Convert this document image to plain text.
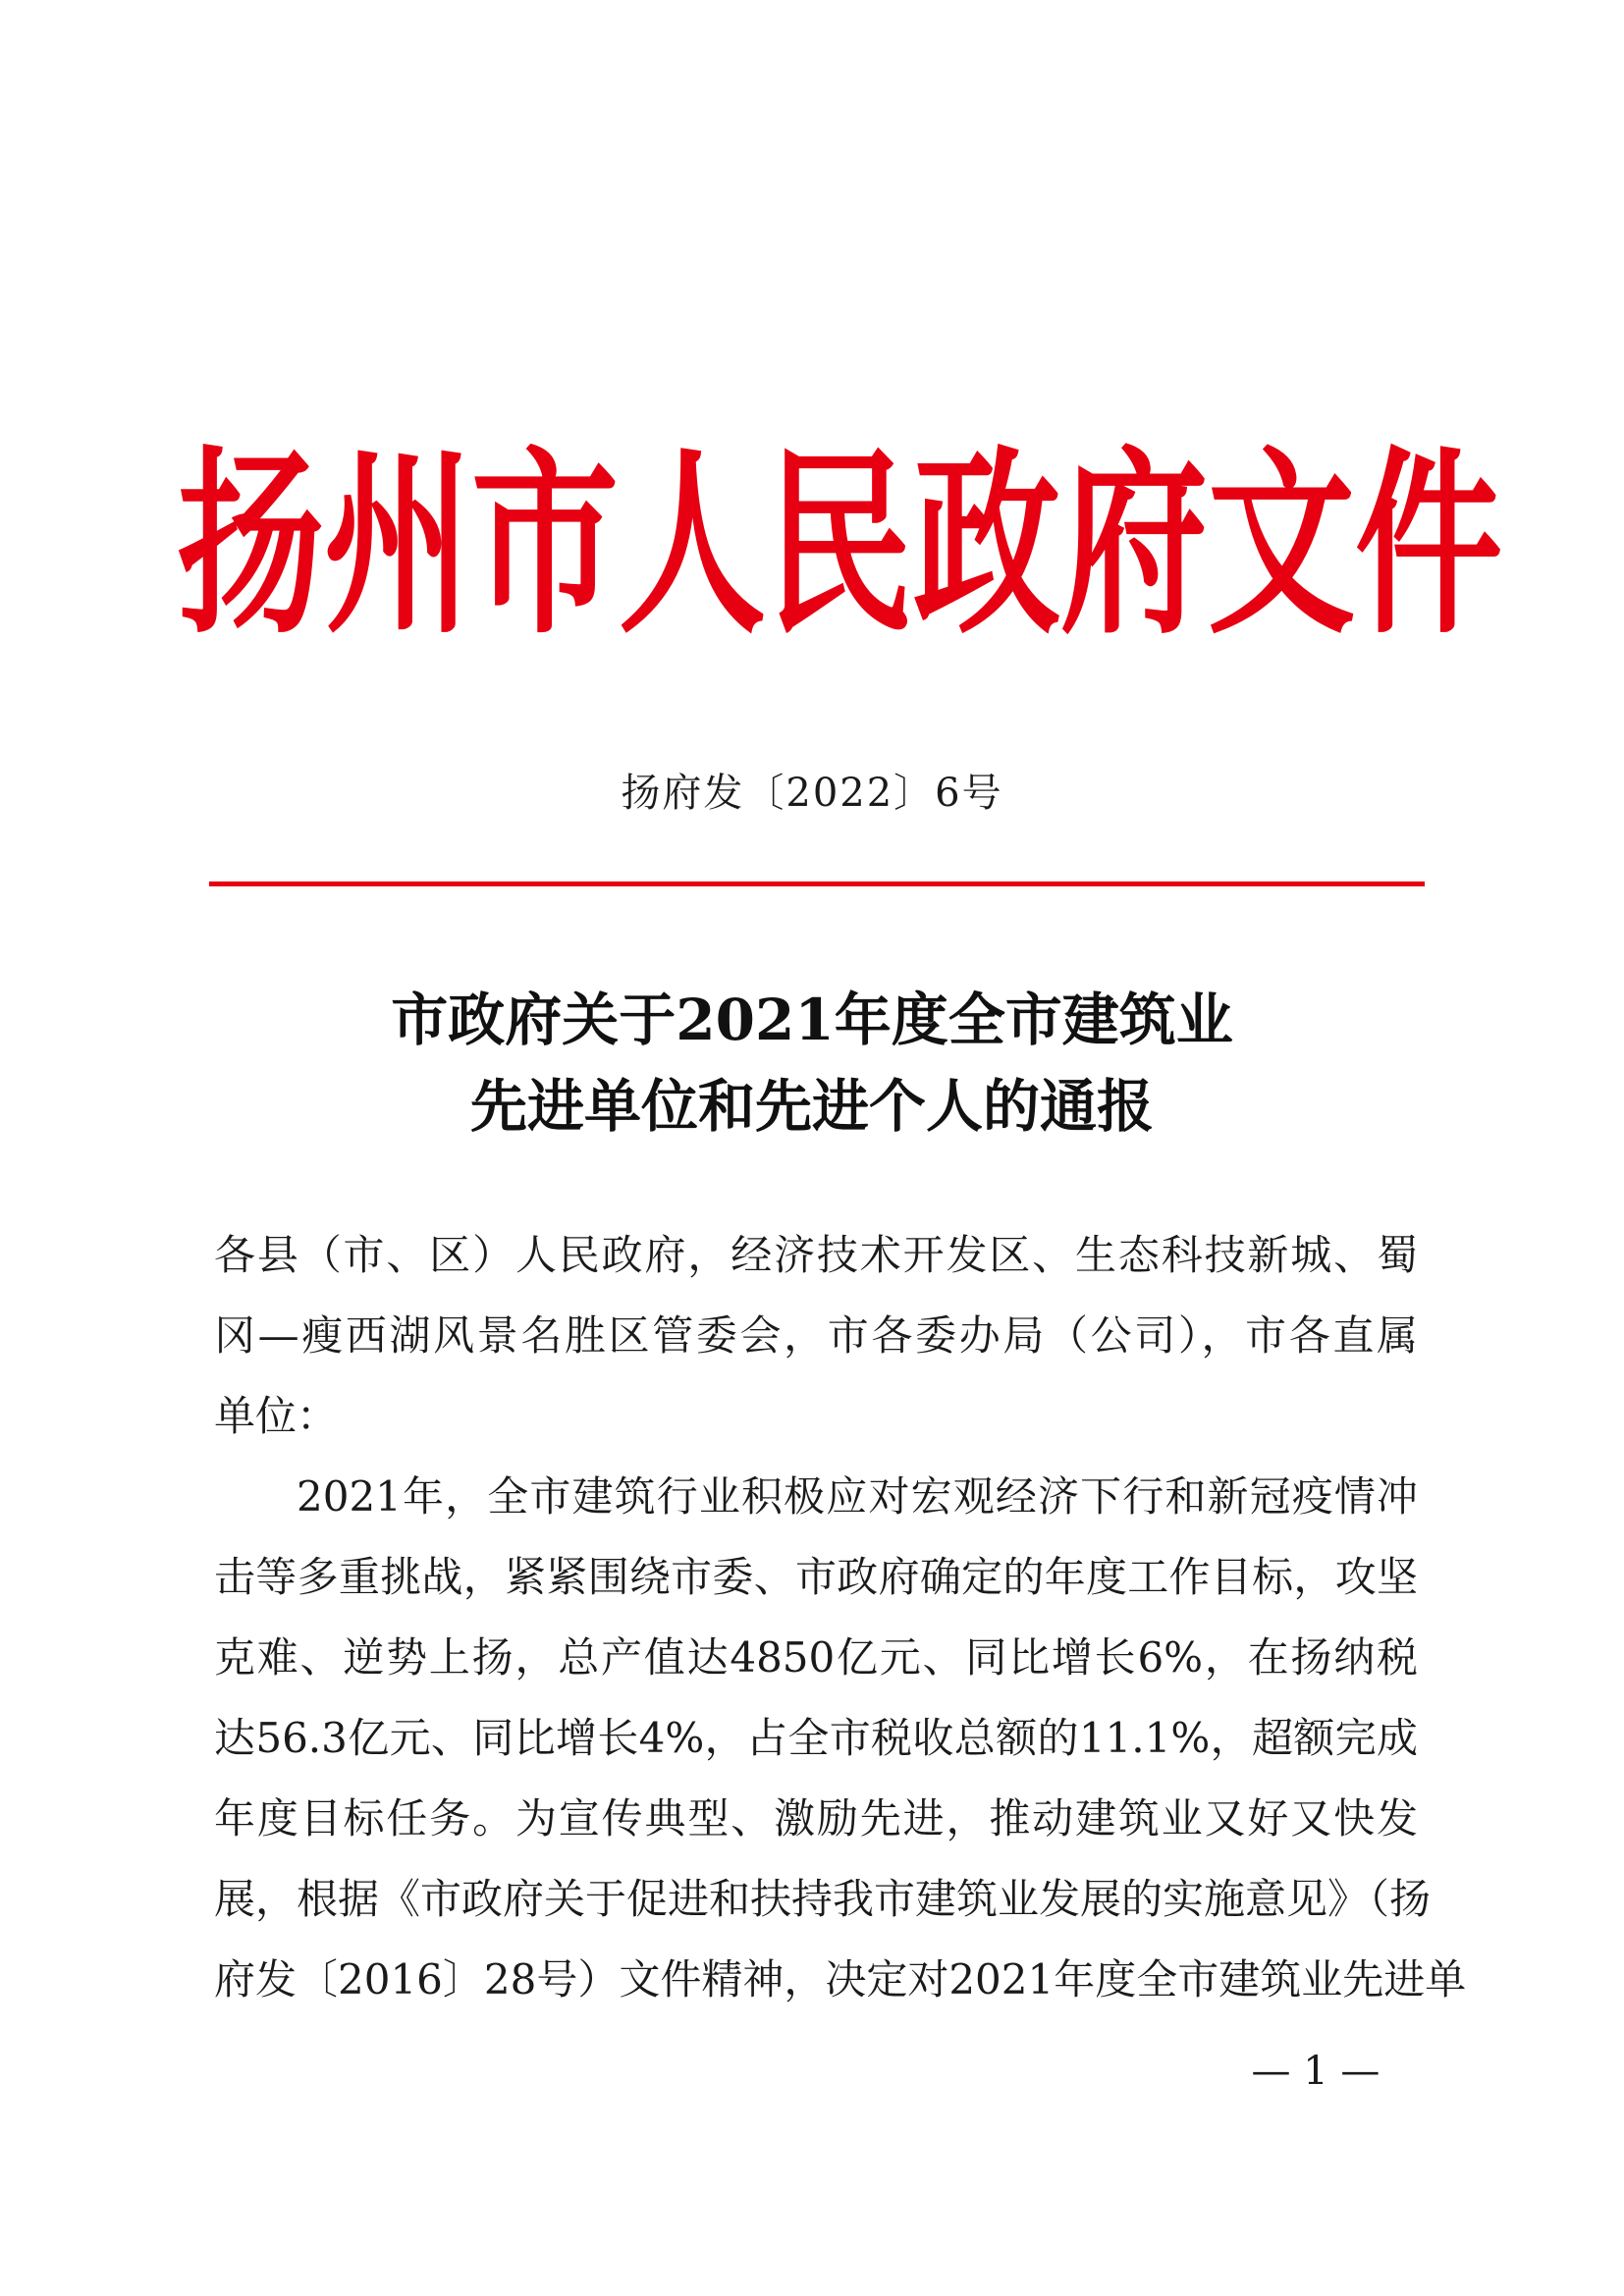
扬 州 市 人 民 政 府 文 件
扬府发〔2022〕6号
市政府关于2021年度全市建筑业
先进单位和先进个人的通报
各县（市、区）人民政府，经济技术开发区、生态科技新城、蜀
冈—瘦西湖风景名胜区管委会，市各委办局（公司），市各直属
单位：
2021年，全市建筑行业积极应对宏观经济下行和新冠疫情冲
击等多重挑战，紧紧围绕市委、市政府确定的年度工作目标，攻坚
克难、逆势上扬，总产值达4850亿元、同比增长6%，在扬纳税
达56.3亿元、同比增长4%，占全市税收总额的11.1%，超额完成
年度目标任务。为宣传典型、激励先进，推动建筑业又好又快发
展，根据《市政府关于促进和扶持我市建筑业发展的实施意见》（扬
府发〔2016〕28号）文件精神，决定对2021年度全市建筑业先进单
— 1 —
